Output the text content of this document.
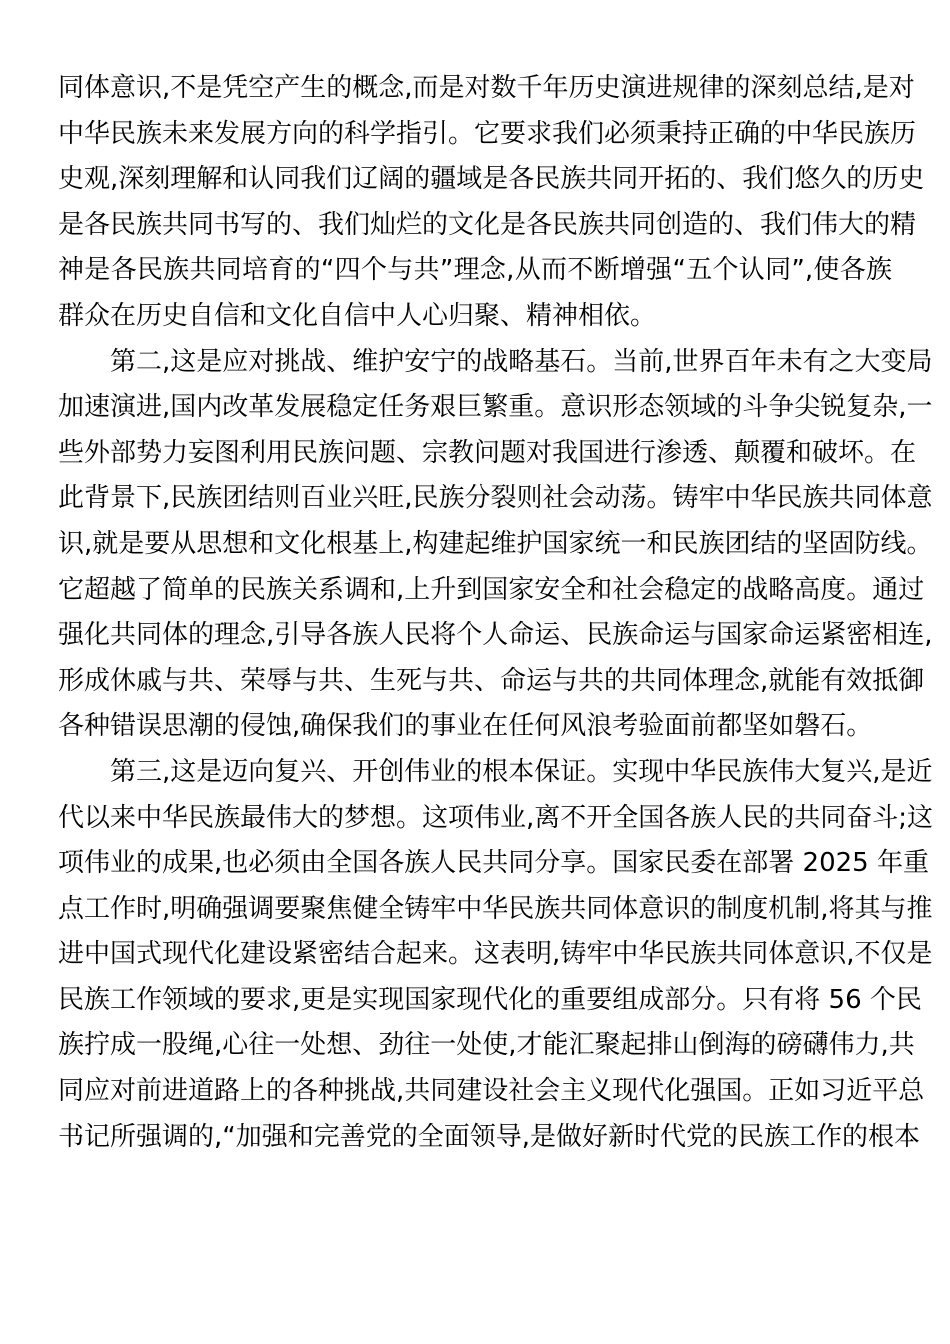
同体意识,不是凭空产生的概念,而是对数千年历史演进规律的深刻总结,是对
中华民族未来发展方向的科学指引。它要求我们必须秉持正确的中华民族历
史观,深刻理解和认同我们辽阔的疆域是各民族共同开拓的、我们悠久的历史
是各民族共同书写的、我们灿烂的文化是各民族共同创造的、我们伟大的精
神是各民族共同培育的“四个与共”理念,从而不断增强“五个认同”,使各族
群众在历史自信和文化自信中人心归聚、精神相依。
第二,这是应对挑战、维护安宁的战略基石。当前,世界百年未有之大变局
加速演进,国内改革发展稳定任务艰巨繁重。意识形态领域的斗争尖锐复杂,一
些外部势力妄图利用民族问题、宗教问题对我国进行渗透、颠覆和破坏。在
此背景下,民族团结则百业兴旺,民族分裂则社会动荡。铸牢中华民族共同体意
识,就是要从思想和文化根基上,构建起维护国家统一和民族团结的坚固防线。
它超越了简单的民族关系调和,上升到国家安全和社会稳定的战略高度。通过
强化共同体的理念,引导各族人民将个人命运、民族命运与国家命运紧密相连,
形成休戚与共、荣辱与共、生死与共、命运与共的共同体理念,就能有效抵御
各种错误思潮的侵蚀,确保我们的事业在任何风浪考验面前都坚如磐石。
第三,这是迈向复兴、开创伟业的根本保证。实现中华民族伟大复兴,是近
代以来中华民族最伟大的梦想。这项伟业,离不开全国各族人民的共同奋斗;这
项伟业的成果,也必须由全国各族人民共同分享。国家民委在部署 2025 年重
点工作时,明确强调要聚焦健全铸牢中华民族共同体意识的制度机制,将其与推
进中国式现代化建设紧密结合起来。这表明,铸牢中华民族共同体意识,不仅是
民族工作领域的要求,更是实现国家现代化的重要组成部分。只有将 56 个民
族拧成一股绳,心往一处想、劲往一处使,才能汇聚起排山倒海的磅礴伟力,共
同应对前进道路上的各种挑战,共同建设社会主义现代化强国。正如习近平总
书记所强调的,“加强和完善党的全面领导,是做好新时代党的民族工作的根本
